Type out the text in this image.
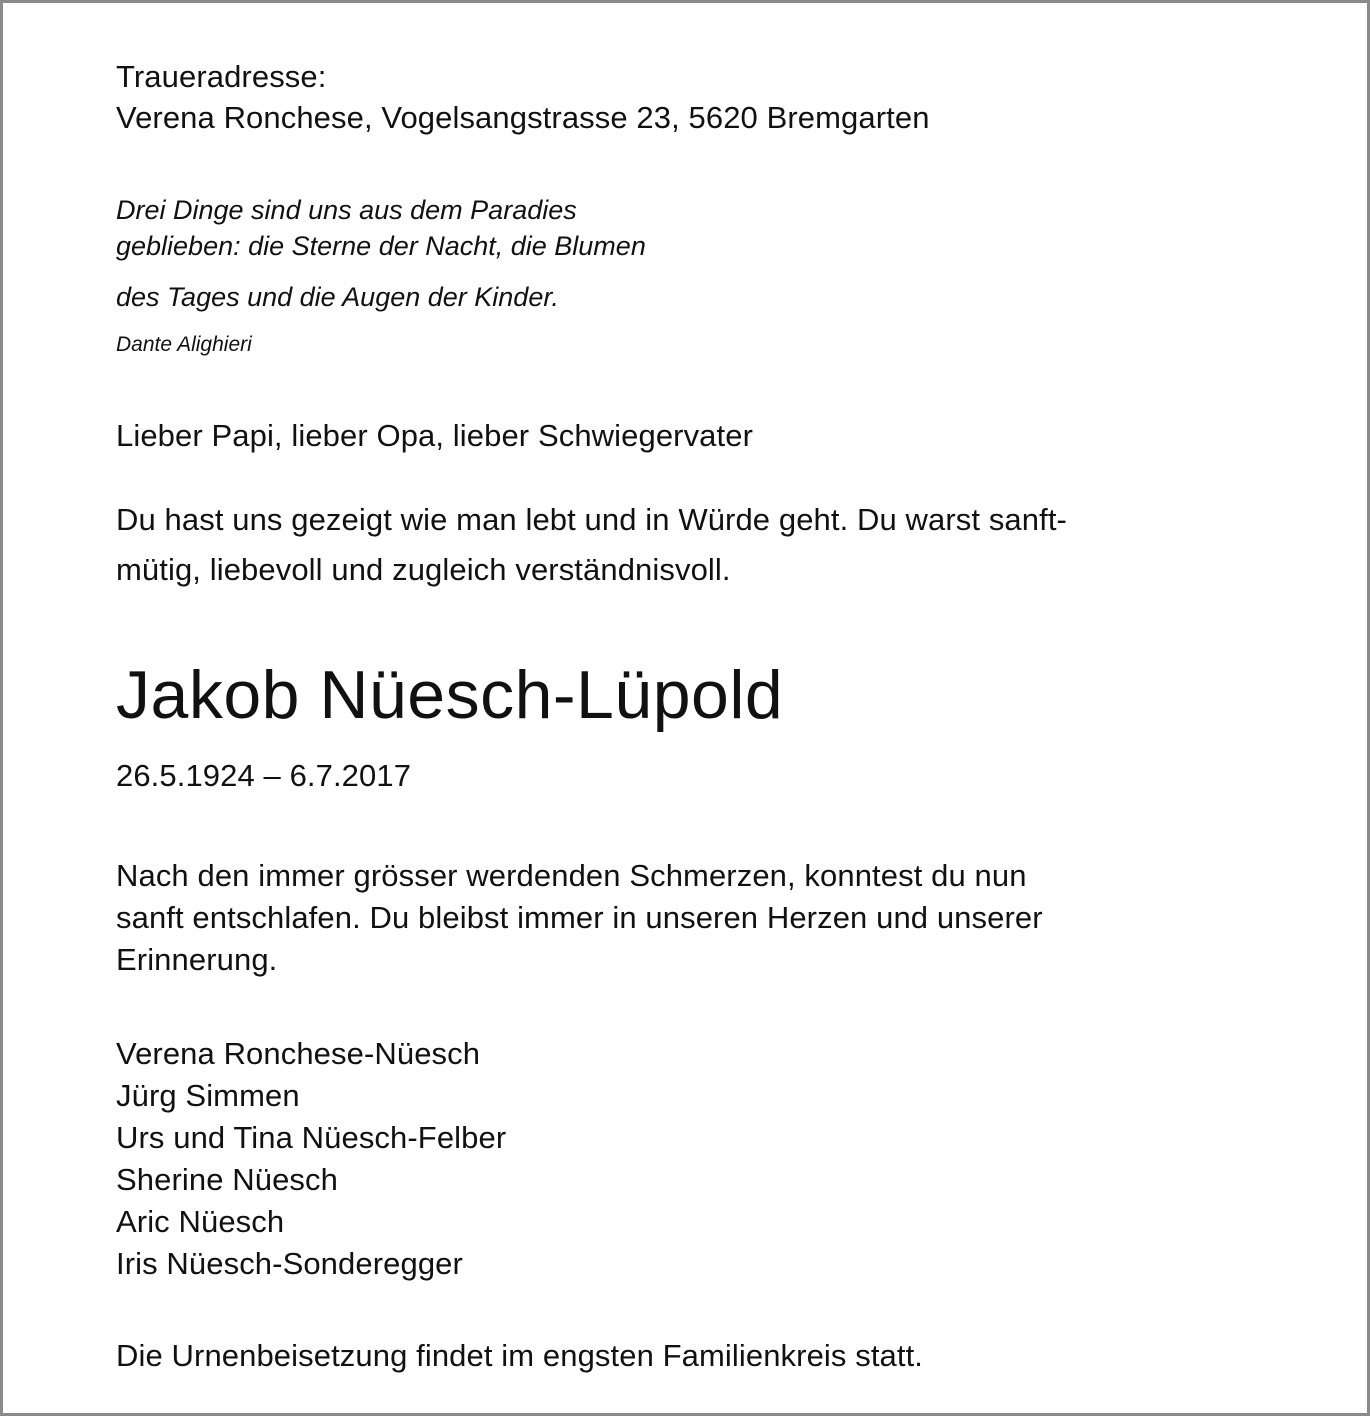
Traueradresse:

Verena Ronchese, Vogelsangstrasse 23, 5620 Bremgarten

Drei Dinge sind uns aus dem Paradies

geblieben: die Sterne der Nacht, die Blumen

des Tages und die Augen der Kinder.

Dante Alighieri

Lieber Papi, lieber Opa, lieber Schwiegervater

Du hast uns gezeigt wie man lebt und in Würde geht. Du warst sanft-

mütig, liebevoll und zugleich verständnisvoll.

Jakob Nüesch-Lüpold

26.5.1924 – 6.7.2017

Nach den immer grösser werdenden Schmerzen, konntest du nun

sanft entschlafen. Du bleibst immer in unseren Herzen und unserer

Erinnerung.

Verena Ronchese-Nüesch
Jürg Simmen
Urs und Tina Nüesch-Felber
Sherine Nüesch
Aric Nüesch
Iris Nüesch-Sonderegger

Die Urnenbeisetzung findet im engsten Familienkreis statt.
